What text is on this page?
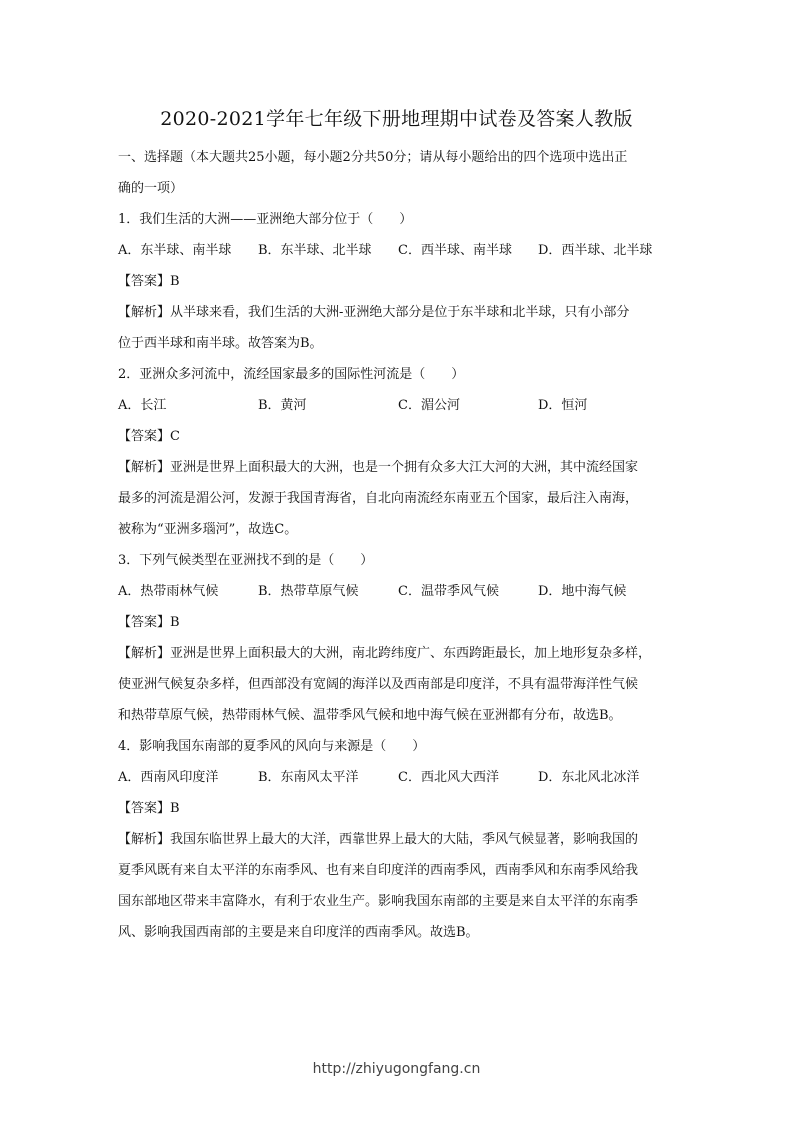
2020-2021学年七年级下册地理期中试卷及答案人教版
一、选择题（本大题共25小题，每小题2分共50分；请从每小题给出的四个选项中选出正
确的一项）
1．我们生活的大洲——亚洲绝大部分位于（　　）
A．东半球、南半球	B．东半球、北半球	C．西半球、南半球	D．西半球、北半球
【答案】B
【解析】从半球来看，我们生活的大洲-亚洲绝大部分是位于东半球和北半球，只有小部分
位于西半球和南半球。故答案为B。
2．亚洲众多河流中，流经国家最多的国际性河流是（　　）
A．长江	B．黄河	C．湄公河	D．恒河
【答案】C
【解析】亚洲是世界上面积最大的大洲，也是一个拥有众多大江大河的大洲，其中流经国家
最多的河流是湄公河，发源于我国青海省，自北向南流经东南亚五个国家，最后注入南海，
被称为“亚洲多瑙河”，故选C。
3．下列气候类型在亚洲找不到的是（　　）
A．热带雨林气候	B．热带草原气候	C．温带季风气候	D．地中海气候
【答案】B
【解析】亚洲是世界上面积最大的大洲，南北跨纬度广、东西跨距最长，加上地形复杂多样，
使亚洲气候复杂多样，但西部没有宽阔的海洋以及西南部是印度洋，不具有温带海洋性气候
和热带草原气候，热带雨林气候、温带季风气候和地中海气候在亚洲都有分布，故选B。
4．影响我国东南部的夏季风的风向与来源是（　　）
A．西南风印度洋	B．东南风太平洋	C．西北风大西洋	D．东北风北冰洋
【答案】B
【解析】我国东临世界上最大的大洋，西靠世界上最大的大陆，季风气候显著，影响我国的
夏季风既有来自太平洋的东南季风、也有来自印度洋的西南季风，西南季风和东南季风给我
国东部地区带来丰富降水，有利于农业生产。影响我国东南部的主要是来自太平洋的东南季
风、影响我国西南部的主要是来自印度洋的西南季风。故选B。
http://zhiyugongfang.cn
